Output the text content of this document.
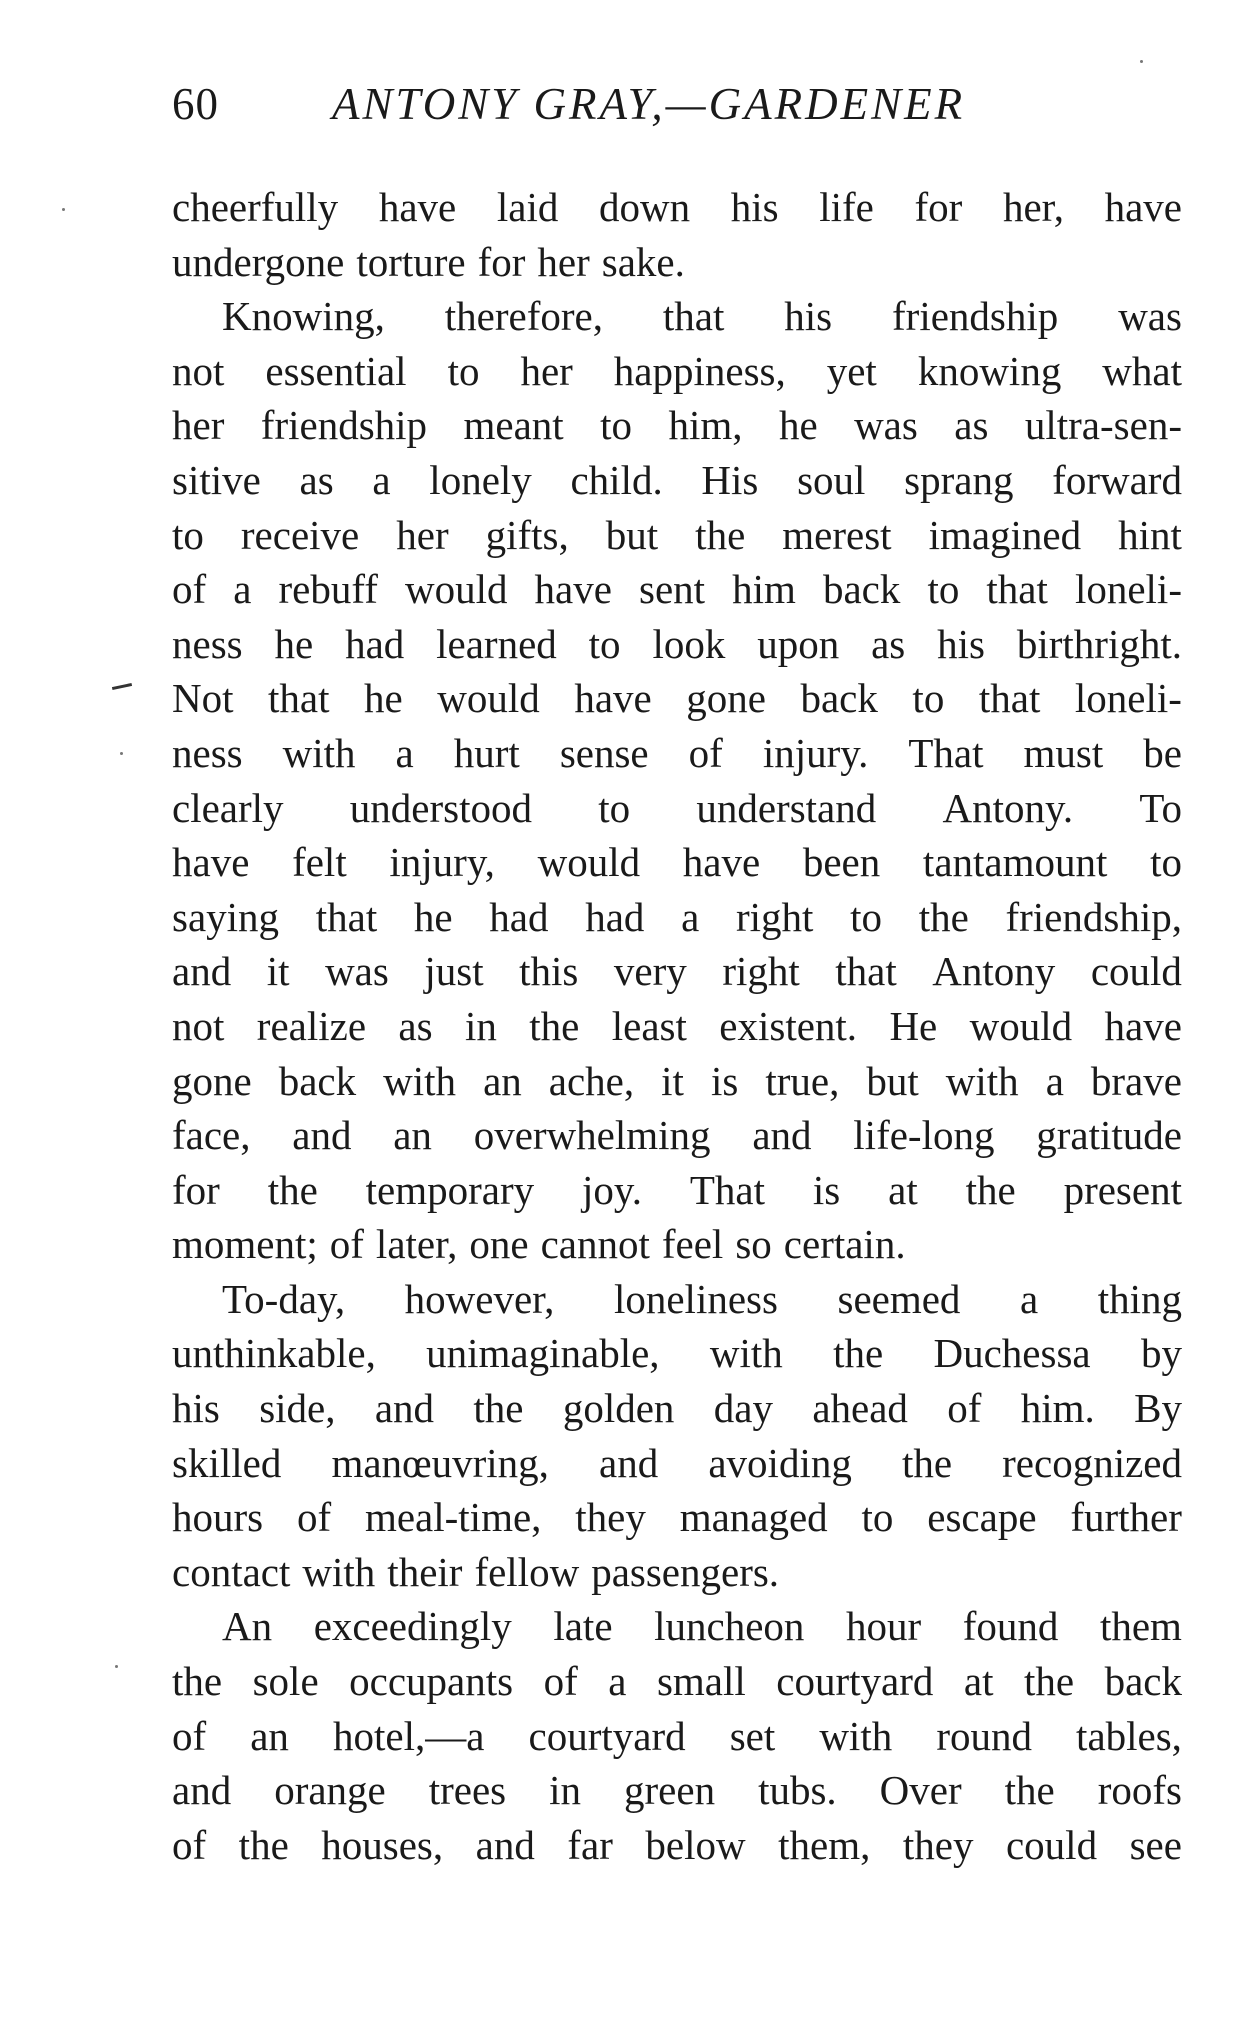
60	ANTONY GRAY,—GARDENER
cheerfully have laid down his life for her, have
undergone torture for her sake.
Knowing, therefore, that his friendship was
not essential to her happiness, yet knowing what
her friendship meant to him, he was as ultra-sen-
sitive as a lonely child. His soul sprang forward
to receive her gifts, but the merest imagined hint
of a rebuff would have sent him back to that loneli-
ness he had learned to look upon as his birthright.
Not that he would have gone back to that loneli-
ness with a hurt sense of injury. That must be
clearly understood to understand Antony. To
have felt injury, would have been tantamount to
saying that he had had a right to the friendship,
and it was just this very right that Antony could
not realize as in the least existent. He would have
gone back with an ache, it is true, but with a brave
face, and an overwhelming and life-long gratitude
for the temporary joy. That is at the present
moment; of later, one cannot feel so certain.
To-day, however, loneliness seemed a thing
unthinkable, unimaginable, with the Duchessa by
his side, and the golden day ahead of him. By
skilled manœuvring, and avoiding the recognized
hours of meal-time, they managed to escape further
contact with their fellow passengers.
An exceedingly late luncheon hour found them
the sole occupants of a small courtyard at the back
of an hotel,—a courtyard set with round tables,
and orange trees in green tubs. Over the roofs
of the houses, and far below them, they could see
